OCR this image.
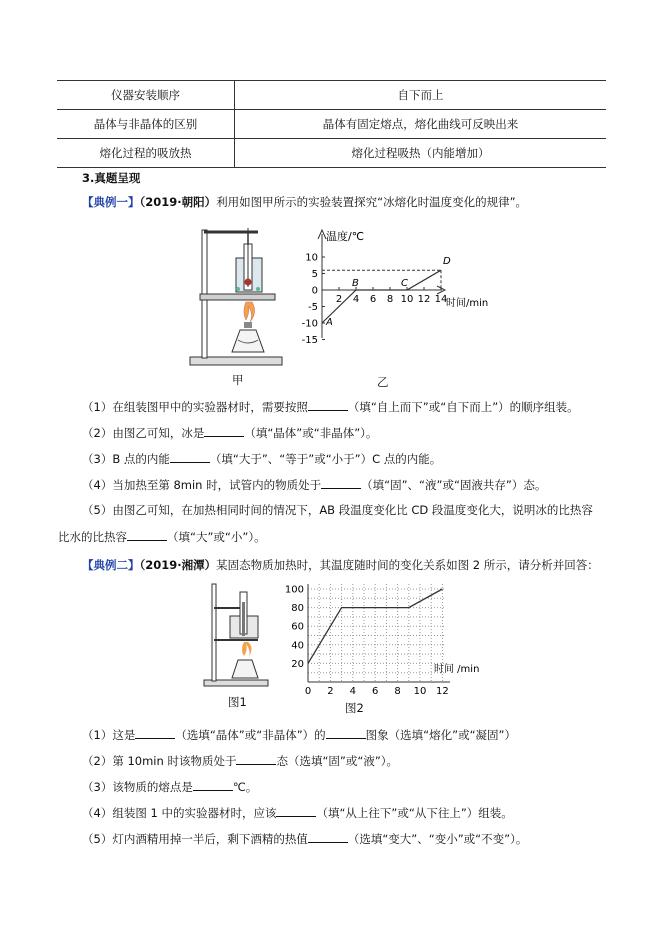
仪器安装顺序	自下而上
晶体与非晶体的区别	晶体有固定熔点，熔化曲线可反映出来
熔化过程的吸放热	熔化过程吸热（内能增加）
3.真题呈现
【典例一】（2019·朝阳）利用如图甲所示的实验装置探究“冰熔化时温度变化的规律”。
甲
2 4 6 8 10 12 14
10
5
0
-5
-10
-15
A
B	C
D
温度/℃
时间/min
乙
（1）在组装图甲中的实验器材时，需要按照	（填“自上而下”或“自下而上”）的顺序组装。
（2）由图乙可知，冰是	（填“晶体”或“非晶体”）。
（3）B 点的内能	（填“大于”、“等于”或“小于”）C 点的内能。
（4）当加热至第 8min 时，试管内的物质处于	（填“固”、“液”或“固液共存”）态。
（5）由图乙可知，在加热相同时间的情况下，AB 段温度变化比 CD 段温度变化大，说明冰的比热容
比水的比热容	（填“大”或“小”）。
【典例二】（2019·湘潭）某固态物质加热时，其温度随时间的变化关系如图 2 所示，请分析并回答：
图1
0 2 4 6 8 10 12
20
40
60
80
100
时间 /min
图2
（1）这是	（选填“晶体”或“非晶体”）的	图象（选填“熔化”或“凝固”）
（2）第 10min 时该物质处于	态（选填“固”或“液”）。
（3）该物质的熔点是	℃。
（4）组装图 1 中的实验器材时，应该	（填“从上往下”或“从下往上”）组装。
（5）灯内酒精用掉一半后，剩下酒精的热值	（选填“变大”、“变小”或“不变”）。
